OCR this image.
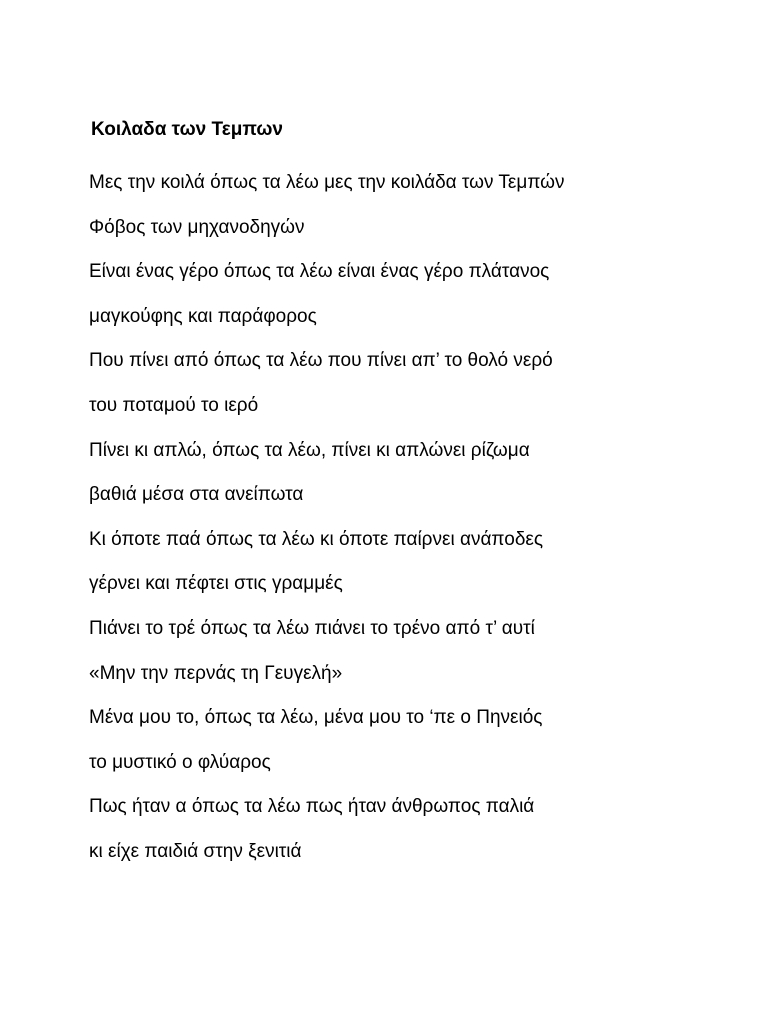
Κοιλαδα των Τεμπων
Μες την κοιλά όπως τα λέω μες την κοιλάδα των Τεμπών
Φόβος των μηχανοδηγών
Είναι ένας γέρο όπως τα λέω είναι ένας γέρο πλάτανος
μαγκούφης και παράφορος
Που πίνει από όπως τα λέω που πίνει απ’ το θολό νερό
του ποταμού το ιερό
Πίνει κι απλώ, όπως τα λέω, πίνει κι απλώνει ρίζωμα
βαθιά μέσα στα ανείπωτα
Κι όποτε παά όπως τα λέω κι όποτε παίρνει ανάποδες
γέρνει και πέφτει στις γραμμές
Πιάνει το τρέ όπως τα λέω πιάνει το τρένο από τ’ αυτί
«Μην την περνάς τη Γευγελή»
Μένα μου το, όπως τα λέω, μένα μου το ‘πε ο Πηνειός
το μυστικό ο φλύαρος
Πως ήταν α όπως τα λέω πως ήταν άνθρωπος παλιά
κι είχε παιδιά στην ξενιτιά
